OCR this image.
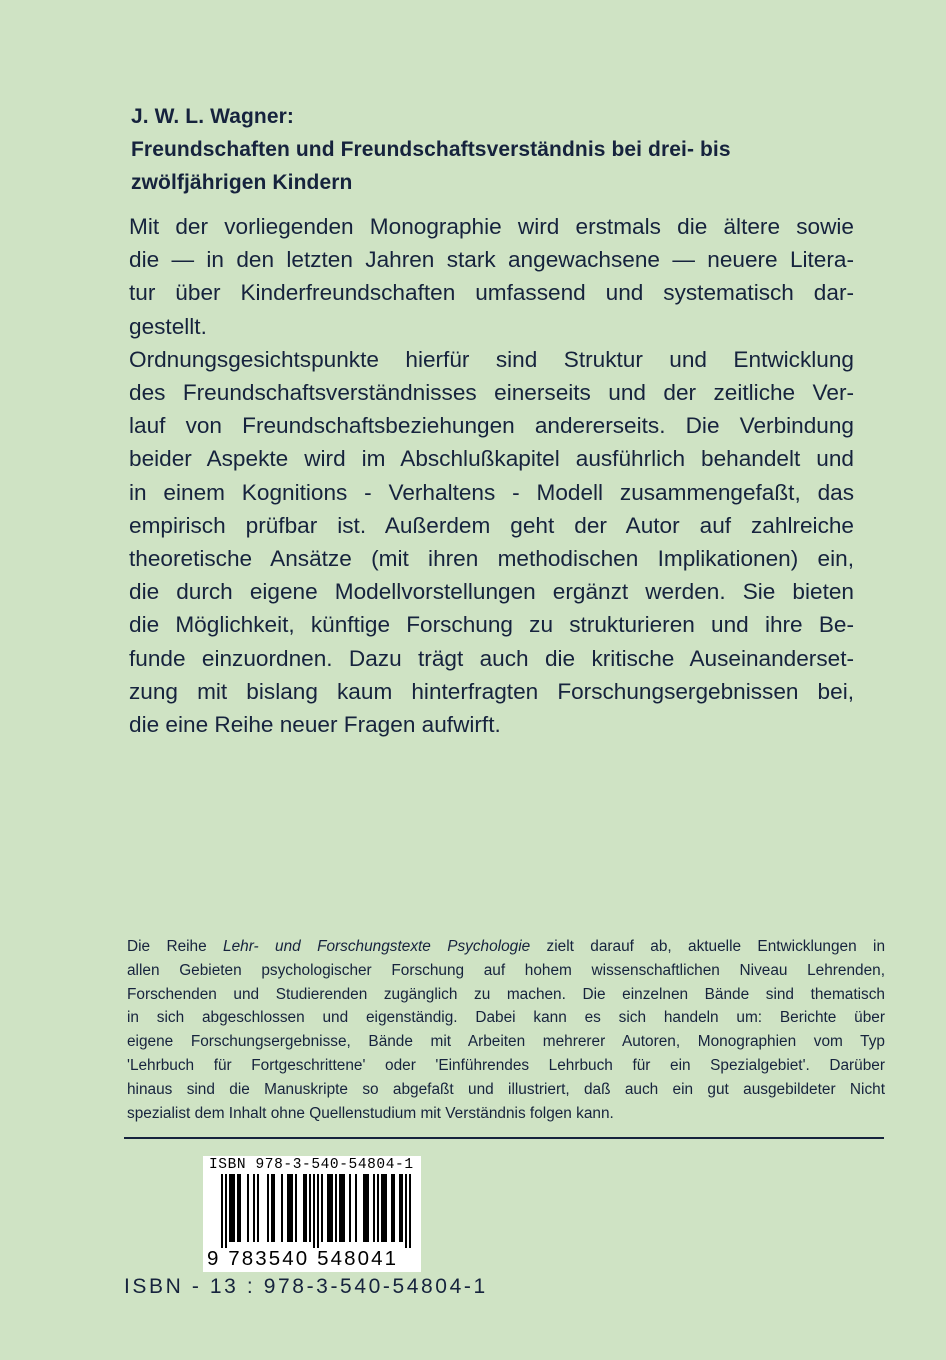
J. W. L. Wagner:
Freundschaften und Freundschaftsverständnis bei drei- bis
zwölfjährigen Kindern
Mit der vorliegenden Monographie wird erstmals die ältere sowie
die — in den letzten Jahren stark angewachsene — neuere Litera-
tur über Kinderfreundschaften umfassend und systematisch dar-
gestellt.
Ordnungsgesichtspunkte hierfür sind Struktur und Entwicklung
des Freundschaftsverständnisses einerseits und der zeitliche Ver-
lauf von Freundschaftsbeziehungen andererseits. Die Verbindung
beider Aspekte wird im Abschlußkapitel ausführlich behandelt und
in einem Kognitions - Verhaltens - Modell zusammengefaßt, das
empirisch prüfbar ist. Außerdem geht der Autor auf zahlreiche
theoretische Ansätze (mit ihren methodischen Implikationen) ein,
die durch eigene Modellvorstellungen ergänzt werden. Sie bieten
die Möglichkeit, künftige Forschung zu strukturieren und ihre Be-
funde einzuordnen. Dazu trägt auch die kritische Auseinanderset-
zung mit bislang kaum hinterfragten Forschungsergebnissen bei,
die eine Reihe neuer Fragen aufwirft.
Die Reihe Lehr- und Forschungstexte Psychologie zielt darauf ab, aktuelle Entwicklungen in
allen Gebieten psychologischer Forschung auf hohem wissenschaftlichen Niveau Lehrenden,
Forschenden und Studierenden zugänglich zu machen. Die einzelnen Bände sind thematisch
in sich abgeschlossen und eigenständig. Dabei kann es sich handeln um: Berichte über
eigene Forschungsergebnisse, Bände mit Arbeiten mehrerer Autoren, Monographien vom Typ
'Lehrbuch für Fortgeschrittene' oder 'Einführendes Lehrbuch für ein Spezialgebiet'. Darüber
hinaus sind die Manuskripte so abgefaßt und illustriert, daß auch ein gut ausgebildeter Nicht
spezialist dem Inhalt ohne Quellenstudium mit Verständnis folgen kann.
ISBN 978-3-540-54804-1
9 783540 548041
ISBN - 13 : 978-3-540-54804-1
